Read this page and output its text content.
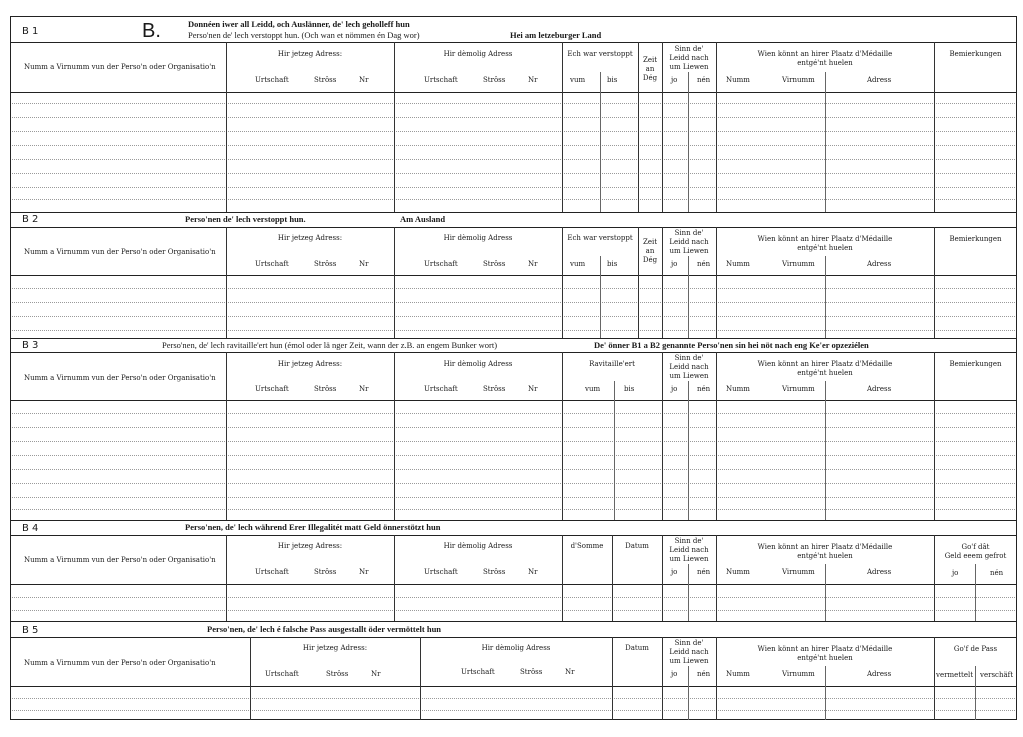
B.
B 1
Donnéen iwer all Leidd, och Auslänner, de' lech geholleff hun
Perso'nen de' lech verstoppt hun. (Och wan et nömmen én Dag wor)	Hei am letzeburger Land
Numm a Virnumm vun der Perso'n oder Organisatio'n
Hir jetzeg Adress:
Urtschaft	Strôss	Nr
Hir dèmolig Adress
Urtschaft	Strôss	Nr
Ech war verstoppt
vum	bis
Zeit
an
Dég
Sinn de'
Leidd nach
um Liewen
jo	nén
Wien könnt an hirer Plaatz d'Médaille
entgé'nt huelen
Numm	Virnumm	Adress
Bemierkungen
B 2	Perso'nen de' lech verstoppt hun.	Am Ausland
Numm a Virnumm vun der Perso'n oder Organisatio'n
Hir jetzeg Adress:
Urtschaft	Strôss	Nr
Hir dèmolig Adress
Urtschaft	Strôss	Nr
Ech war verstoppt
vum	bis
Zeit
an
Dég
Sinn de'
Leidd nach
um Liewen
jo	nén
Wien könnt an hirer Plaatz d'Médaille
entgé'nt huelen
Numm	Virnumm	Adress
Bemierkungen
B 3	Perso'nen, de' lech ravitaille'ert hun (émol oder lä nger Zeit, wann der z.B. an engem Bunker wort)	De' önner B1 a B2 genannte Perso'nen sin hei nöt nach eng Ke'er opzeziélen
Numm a Virnumm vun der Perso'n oder Organisatio'n
Hir jetzeg Adress:
Urtschaft	Strôss	Nr
Hir dèmolig Adress
Urtschaft	Strôss	Nr
Ravitaille'ert
vum	bis
Sinn de'
Leidd nach
um Liewen
jo	nén
Wien könnt an hirer Plaatz d'Médaille
entgé'nt huelen
Numm	Virnumm	Adress
Bemierkungen
B 4	Perso'nen, de' lech während Erer Illegalitét matt Geld önnerstötzt hun
Numm a Virnumm vun der Perso'n oder Organisatio'n
Hir jetzeg Adress:
Urtschaft	Strôss	Nr
Hir dèmolig Adress
Urtschaft	Strôss	Nr
d'Somme	Datum
Sinn de'
Leidd nach
um Liewen
jo	nén
Wien könnt an hirer Plaatz d'Médaille
entgé'nt huelen
Numm	Virnumm	Adress
Go'f dât
Geld eeem gefrot
jo	nén
B 5	Perso'nen, de' lech é falsche Pass ausgestallt öder vermöttelt hun
Numm a Virnumm vun der Perso'n oder Organisatio'n
Hir jetzeg Adress:
Urtschaft	Strôss	Nr
Hir dèmolig Adress
Urtschaft	Strôss	Nr
Datum
Sinn de'
Leidd nach
um Liewen
jo	nén
Wien könnt an hirer Plaatz d'Médaille
entgé'nt huelen
Numm	Virnumm	Adress
Go'f de Pass
vermettelt verschäft
